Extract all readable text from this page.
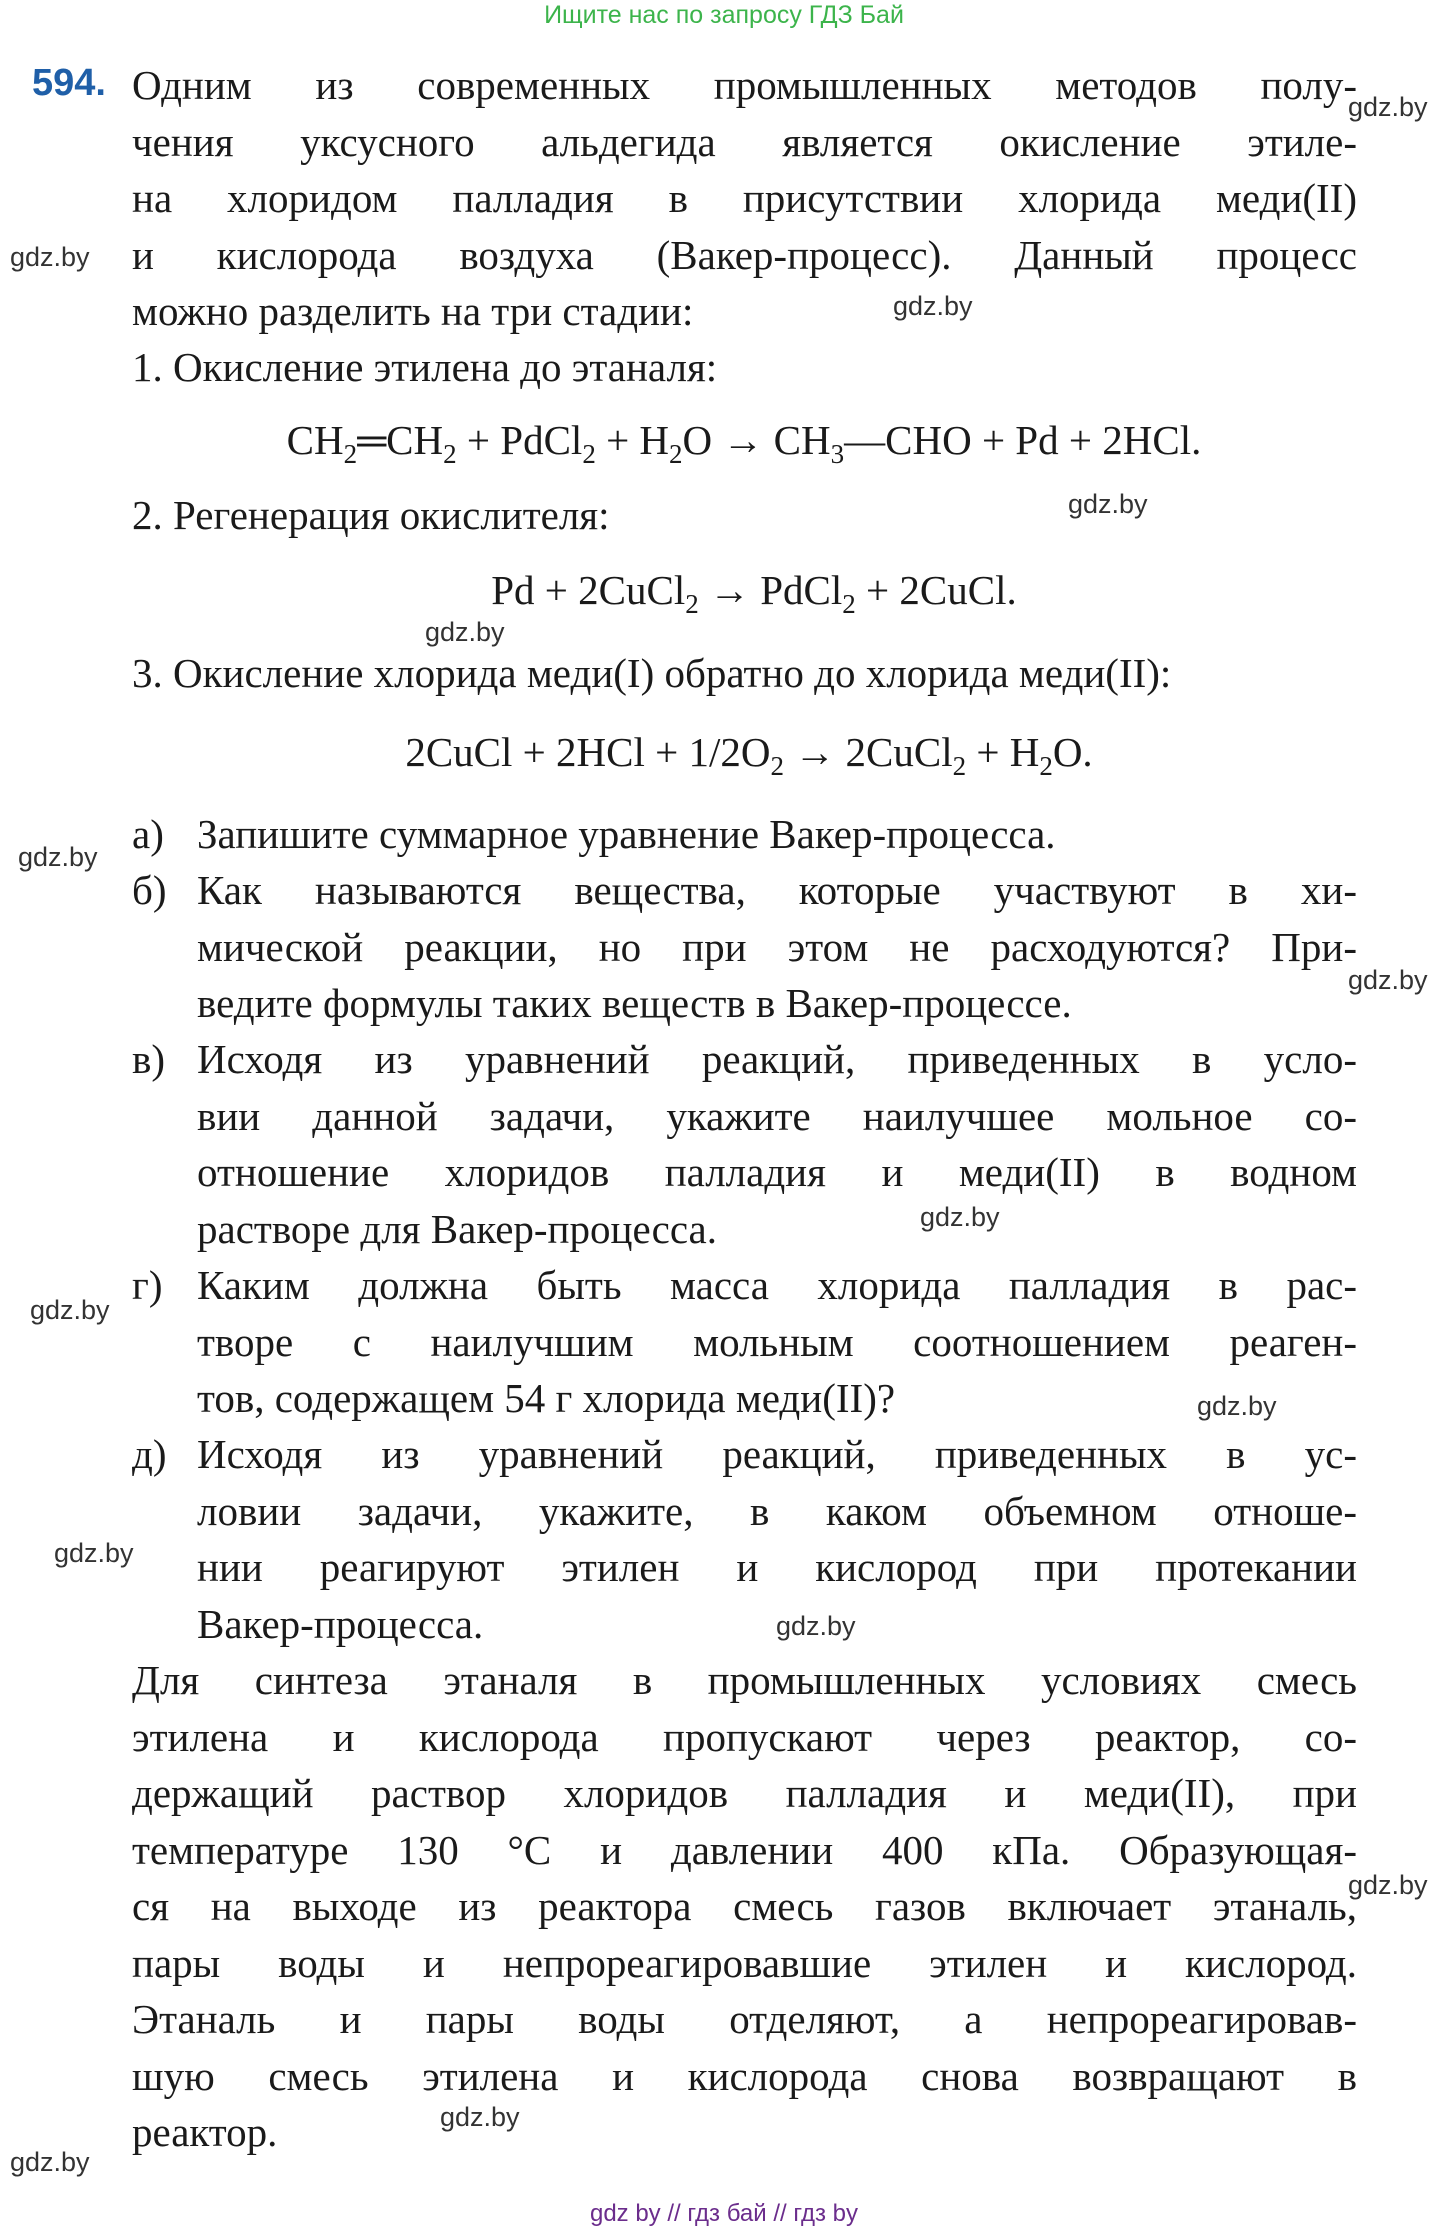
Ищите нас по запросу ГДЗ Бай
594. Одним из современных промышленных методов полу-
чения уксусного альдегида является окисление этиле-
на хлоридом палладия в присутствии хлорида меди(II)
и кислорода воздуха (Вакер-процесс). Данный процесс
можно разделить на три стадии:
1. Окисление этилена до этаналя:
$CH_2═CH_2$ + PdCl$_2$ + $H_2O$ → $CH_3—CHO + Pd + 2HCl$.
2. Регенерация окислителя:
Pd + 2CuCl$_2$ → PdCl$_2$ + 2CuCl.
3. Окисление хлорида меди(I) обратно до хлорида меди(II):
2CuCl + $2HCl + 1/2O_2$ → 2CuCl$_2$ + $H_2O$.
а) Запишите суммарное уравнение Вакер-процесса.
б) Как называются вещества, которые участвуют в хи-
мической реакции, но при этом не расходуются? При-
ведите формулы таких веществ в Вакер-процессе.
в) Исходя из уравнений реакций, приведенных в усло-
вии данной задачи, укажите наилучшее мольное со-
отношение хлоридов палладия и меди(II) в водном
растворе для Вакер-процесса.
г) Каким должна быть масса хлорида палладия в рас-
творе с наилучшим мольным соотношением реаген-
тов, содержащем 54 г хлорида меди(II)?
д) Исходя из уравнений реакций, приведенных в ус-
ловии задачи, укажите, в каком объемном отноше-
нии реагируют этилен и кислород при протекании
Вакер-процесса.
Для синтеза этаналя в промышленных условиях смесь
этилена и кислорода пропускают через реактор, со-
держащий раствор хлоридов палладия и меди(II), при
температуре 130 °С и давлении 400 кПа. Образующая-
ся на выходе из реактора смесь газов включает этаналь,
пары воды и непрореагировавшие этилен и кислород.
Этаналь и пары воды отделяют, а непрореагировав-
шую смесь этилена и кислорода снова возвращают в
реактор.
gdz.by
gdz.by
gdz.by
gdz.by
gdz.by
gdz.by
gdz.by
gdz.by
gdz.by
gdz.by
gdz.by
gdz.by
gdz.by
gdz.by
gdz.by
gdz by // гдз бай // гдз by
